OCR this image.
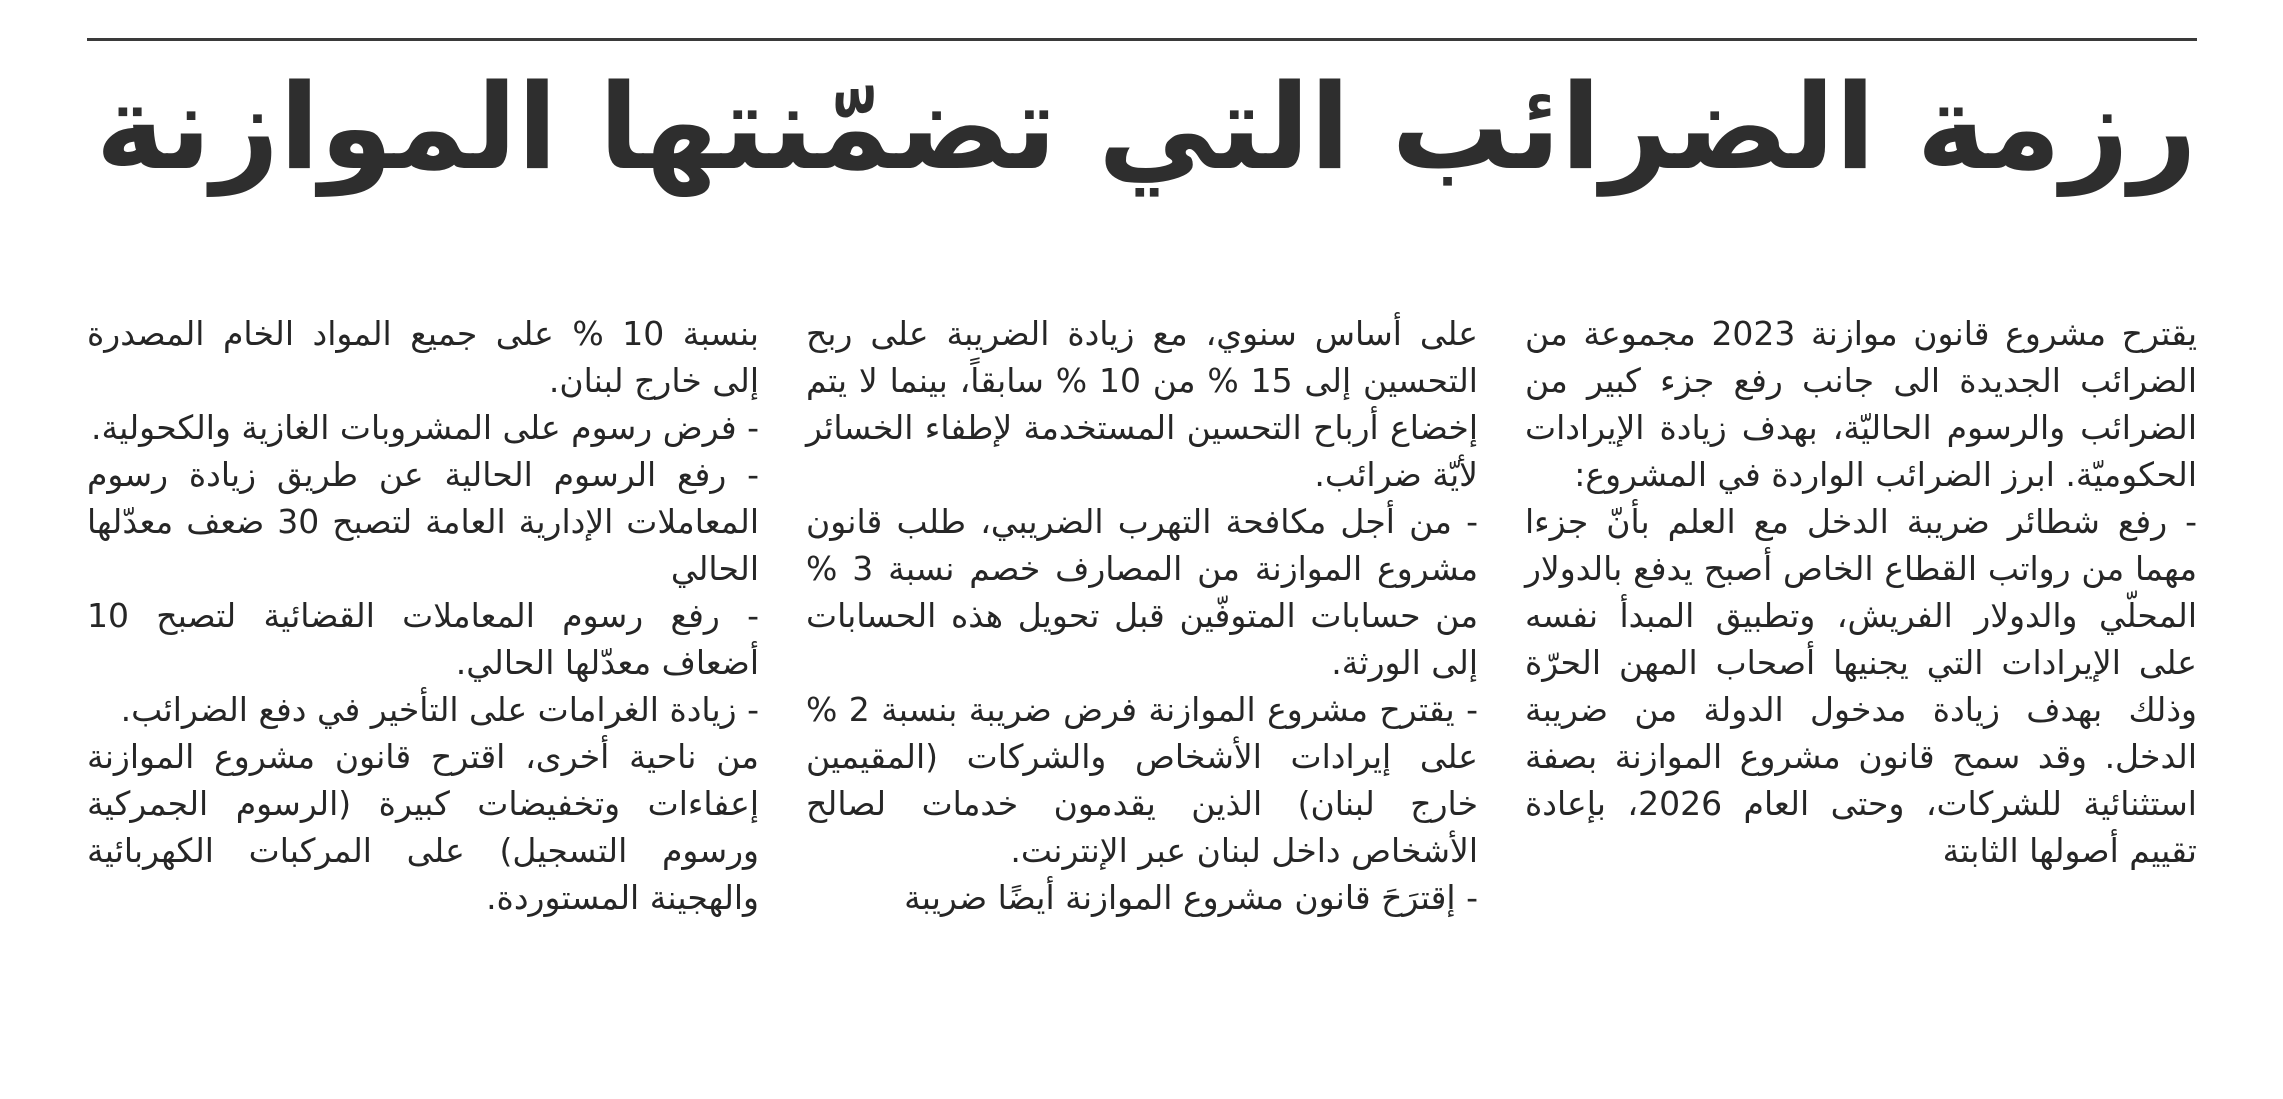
رزمة الضرائب التي تضمّنتها الموازنة

يقترح مشروع قانون موازنة 2023 مجموعة من الضرائب الجديدة الى جانب رفع جزء كبير من الضرائب والرسوم الحاليّة، بهدف زيادة الإيرادات الحكوميّة. ابرز الضرائب الواردة في المشروع:

- رفع شطائر ضريبة الدخل مع العلم بأنّ جزءا مهما من رواتب القطاع الخاص أصبح يدفع بالدولار المحلّي والدولار الفريش، وتطبيق المبدأ نفسه على الإيرادات التي يجنيها أصحاب المهن الحرّة وذلك بهدف زيادة مدخول الدولة من ضريبة الدخل. وقد سمح قانون مشروع الموازنة بصفة استثنائية للشركات، وحتى العام 2026، بإعادة تقييم أصولها الثابتة

على أساس سنوي، مع زيادة الضريبة على ربح التحسين إلى 15 % من 10 % سابقاً، بينما لا يتم إخضاع أرباح التحسين المستخدمة لإطفاء الخسائر لأيّة ضرائب.

- من أجل مكافحة التهرب الضريبي، طلب قانون مشروع الموازنة من المصارف خصم نسبة 3 % من حسابات المتوفّين قبل تحويل هذه الحسابات إلى الورثة.

- يقترح مشروع الموازنة فرض ضريبة بنسبة 2 % على إيرادات الأشخاص والشركات (المقيمين خارج لبنان) الذين يقدمون خدمات لصالح الأشخاص داخل لبنان عبر الإنترنت.

- إقترَحَ قانون مشروع الموازنة أيضًا ضريبة

بنسبة 10 % على جميع المواد الخام المصدرة إلى خارج لبنان.

- فرض رسوم على المشروبات الغازية والكحولية.

- رفع الرسوم الحالية عن طريق زيادة رسوم المعاملات الإدارية العامة لتصبح 30 ضعف معدّلها الحالي

- رفع رسوم المعاملات القضائية لتصبح 10 أضعاف معدّلها الحالي.

- زيادة الغرامات على التأخير في دفع الضرائب.

من ناحية أخرى، اقترح قانون مشروع الموازنة إعفاءات وتخفيضات كبيرة (الرسوم الجمركية ورسوم التسجيل) على المركبات الكهربائية والهجينة المستوردة.
